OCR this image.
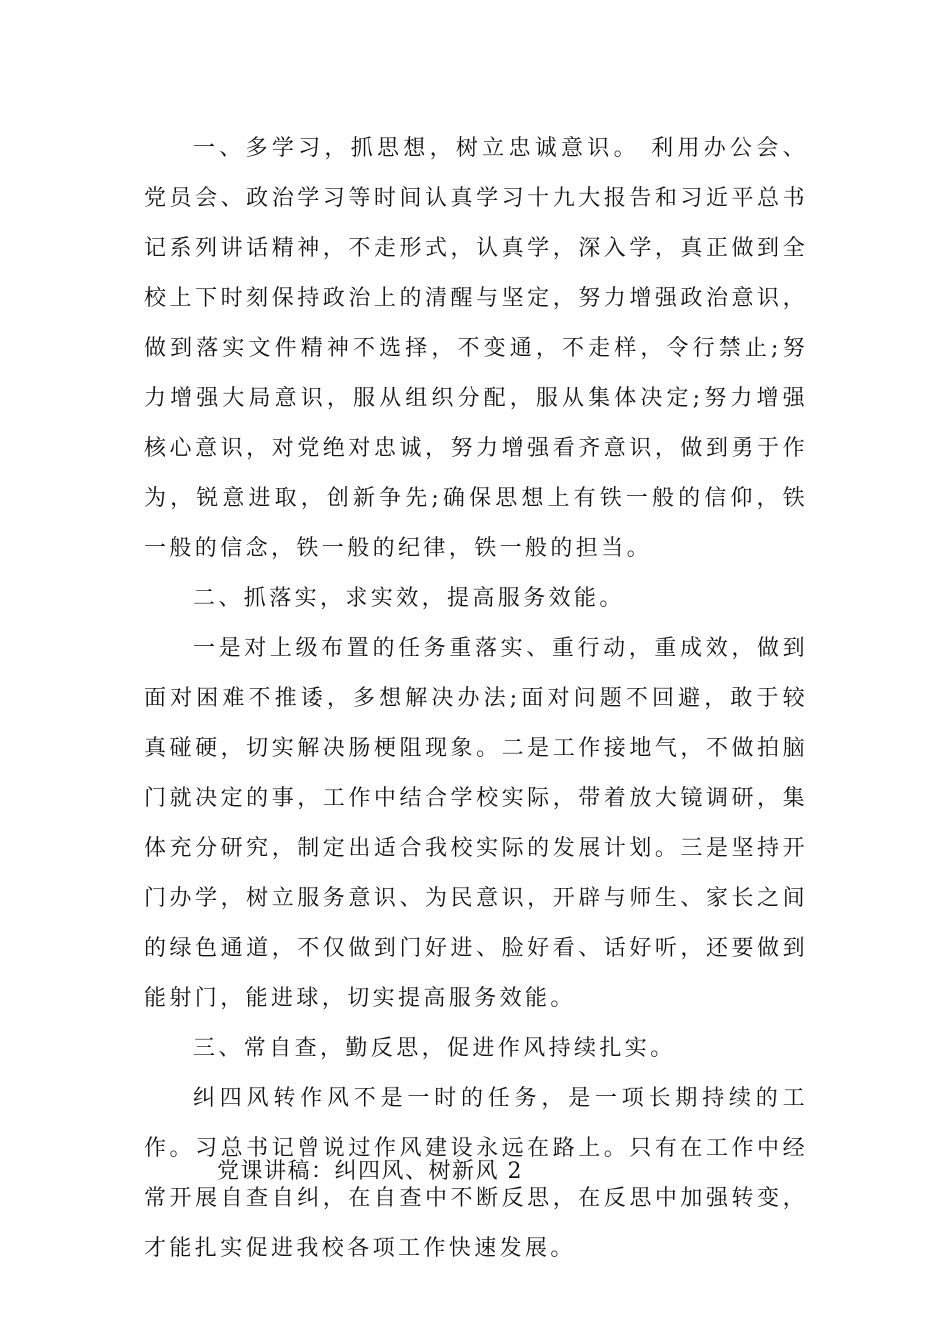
一、多学习，抓思想，树立忠诚意识。 利用办公会、党员会、政治学习等时间认真学习十九大报告和习近平总书记系列讲话精神，不走形式，认真学，深入学，真正做到全校上下时刻保持政治上的清醒与坚定，努力增强政治意识，做到落实文件精神不选择，不变通，不走样，令行禁止;努力增强大局意识，服从组织分配，服从集体决定;努力增强核心意识，对党绝对忠诚，努力增强看齐意识，做到勇于作为，锐意进取，创新争先;确保思想上有铁一般的信仰，铁一般的信念，铁一般的纪律，铁一般的担当。

二、抓落实，求实效，提高服务效能。

一是对上级布置的任务重落实、重行动，重成效，做到面对困难不推诿，多想解决办法;面对问题不回避，敢于较真碰硬，切实解决肠梗阻现象。二是工作接地气，不做拍脑门就决定的事，工作中结合学校实际，带着放大镜调研，集体充分研究，制定出适合我校实际的发展计划。三是坚持开门办学，树立服务意识、为民意识，开辟与师生、家长之间的绿色通道，不仅做到门好进、脸好看、话好听，还要做到能射门，能进球，切实提高服务效能。

三、常自查，勤反思，促进作风持续扎实。

纠四风转作风不是一时的任务，是一项长期持续的工作。习总书记曾说过作风建设永远在路上。只有在工作中经常开展自查自纠，在自查中不断反思，在反思中加强转变，才能扎实促进我校各项工作快速发展。

党课讲稿：纠四风、树新风 2
